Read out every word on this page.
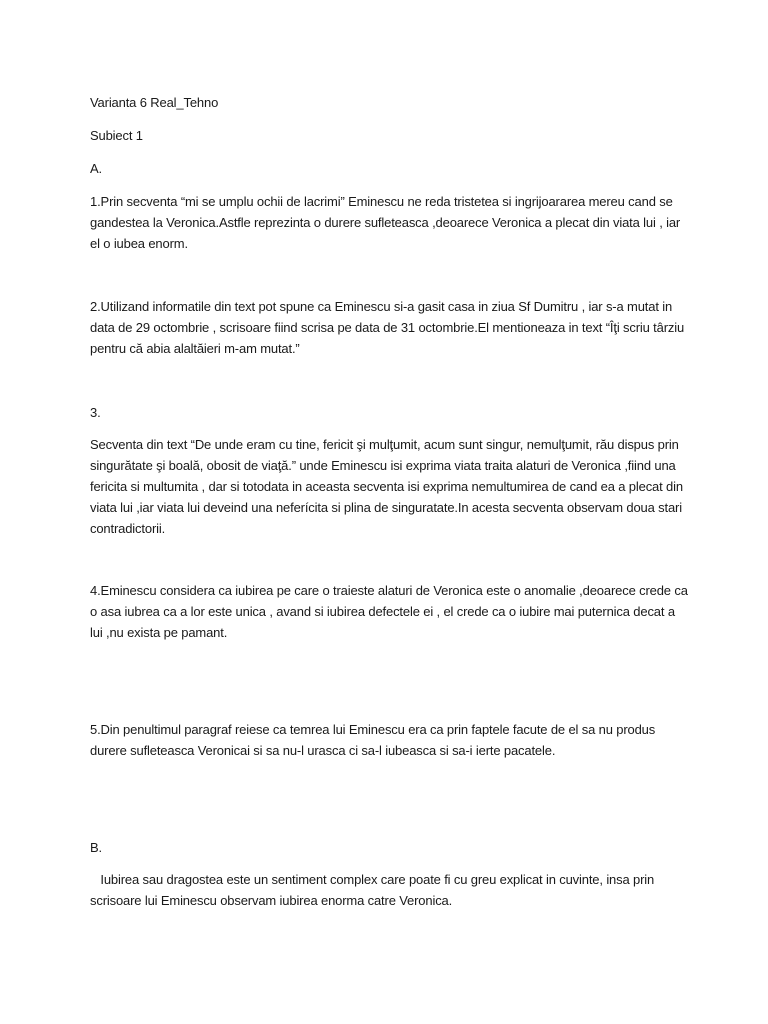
Varianta 6 Real_Tehno
Subiect 1
A.
1.Prin secventa “mi se umplu ochii de lacrimi” Eminescu ne reda tristetea si ingrijoararea mereu cand se gandestea la Veronica.Astfle reprezinta o durere sufleteasca ,deoarece Veronica a plecat din viata lui , iar el o iubea enorm.
2.Utilizand informatile din text pot spune ca Eminescu si-a gasit casa in ziua Sf Dumitru , iar s-a mutat in data de 29 octombrie , scrisoare fiind scrisa pe data de 31 octombrie.El mentioneaza in text “Îţi scriu târziu pentru că abia alaltăieri m-am mutat.”
3.
Secventa din text “De unde eram cu tine, fericit şi mulţumit, acum sunt singur, nemulţumit, rău dispus prin singurătate şi boală, obosit de viaţă.” unde Eminescu isi exprima viata traita alaturi de Veronica ,fiind una fericita si multumita , dar si totodata in aceasta secventa isi exprima nemultumirea de cand ea a plecat din viata lui ,iar viata lui deveind una neferícita si plina de singuratate.In acesta secventa observam doua stari contradictorii.
4.Eminescu considera ca iubirea pe care o traieste alaturi de Veronica este o anomalie ,deoarece crede ca o asa iubrea ca a lor este unica , avand si iubirea defectele ei , el crede ca o iubire mai puternica decat a lui ,nu exista pe pamant.
5.Din penultimul paragraf reiese ca temrea lui Eminescu era ca prin faptele facute de el sa nu produs durere sufleteasca Veronicai si sa nu-l urasca ci sa-l iubeasca si sa-i ierte pacatele.
B.
Iubirea sau dragostea este un sentiment complex care poate fi cu greu explicat in cuvinte, insa prin scrisoare lui Eminescu observam iubirea enorma catre Veronica.
